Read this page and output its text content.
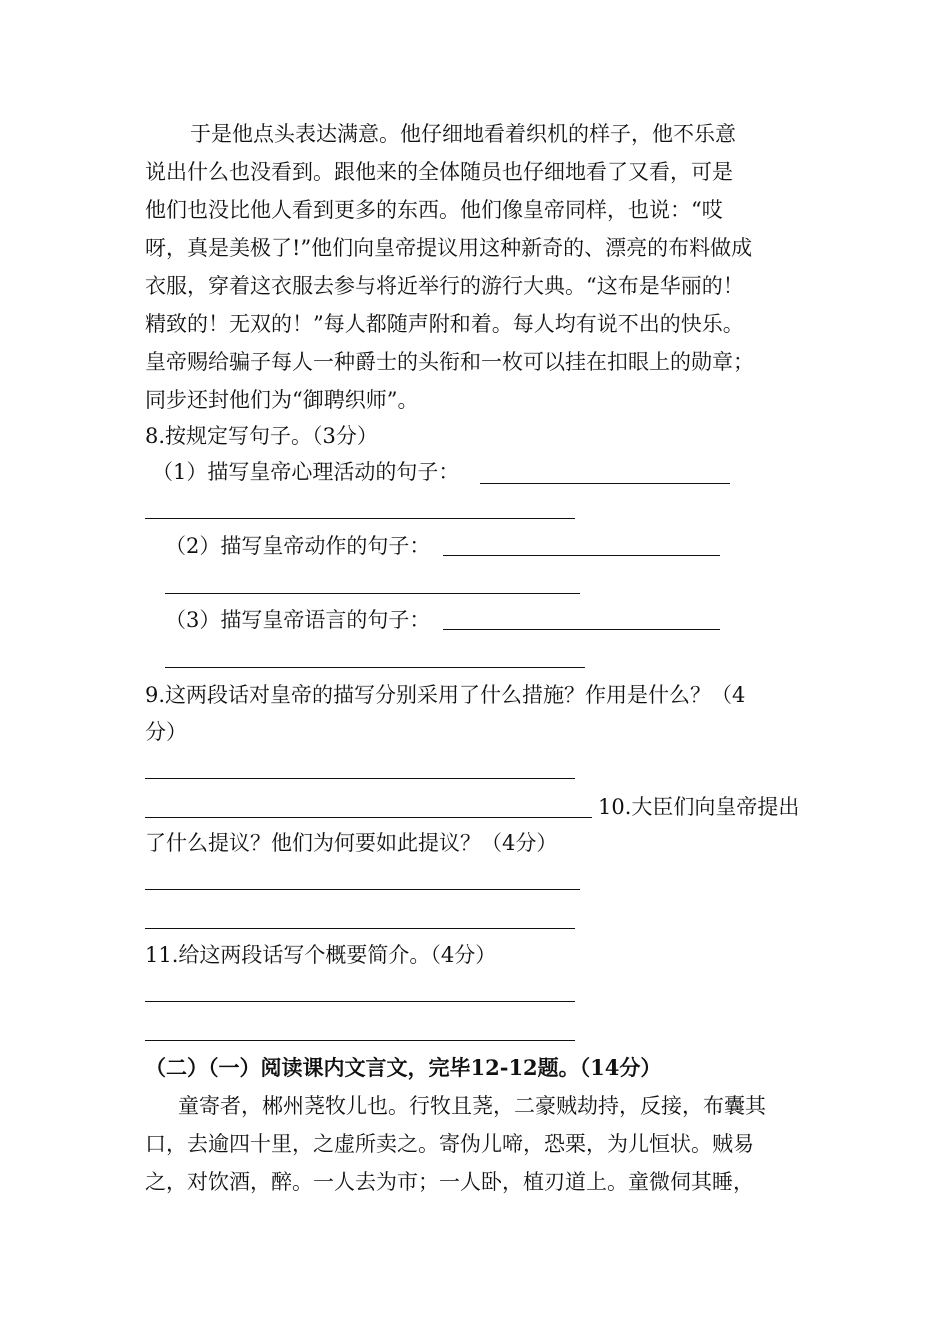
于是他点头表达满意。他仔细地看着织机的样子，他不乐意
说出什么也没看到。跟他来的全体随员也仔细地看了又看，可是
他们也没比他人看到更多的东西。他们像皇帝同样，也说：“哎
呀，真是美极了!”他们向皇帝提议用这种新奇的、漂亮的布料做成
衣服，穿着这衣服去参与将近举行的游行大典。“这布是华丽的！
精致的！无双的！”每人都随声附和着。每人均有说不出的快乐。
皇帝赐给骗子每人一种爵士的头衔和一枚可以挂在扣眼上的勋章；
同步还封他们为“御聘织师”。
8.按规定写句子。（3分）
（1）描写皇帝心理活动的句子：
（2）描写皇帝动作的句子：
（3）描写皇帝语言的句子：
9.这两段话对皇帝的描写分别采用了什么措施？作用是什么？（4
分）
10.大臣们向皇帝提出
了什么提议？他们为何要如此提议？（4分）
11.给这两段话写个概要简介。（4分）
（二）（一）阅读课内文言文，完毕12-12题。（14分）
童寄者，郴州荛牧儿也。行牧且荛，二豪贼劫持，反接，布囊其
口，去逾四十里，之虚所卖之。寄伪儿啼，恐栗，为儿恒状。贼易
之，对饮酒，醉。一人去为市；一人卧，植刃道上。童微伺其睡，
